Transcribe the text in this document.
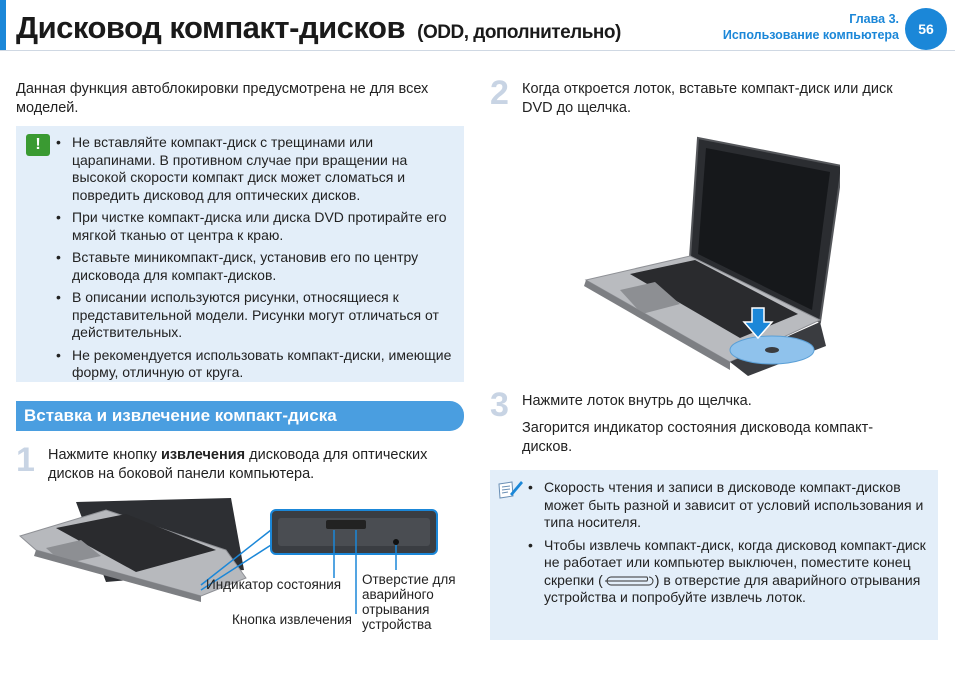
Дисковод компакт-дисков (ODD, дополнительно)
Глава 3.
Использование компьютера	56
Данная функция автоблокировки предусмотрена не для всех
моделей.
!
•	Не вставляйте компакт-диск с трещинами или царапинами. В противном случае при вращении на высокой скорости компакт диск может сломаться и повредить дисковод для оптических дисков.
• При чистке компакт-диска или диска DVD протирайте его мягкой тканью от центра к краю.
• Вставьте миникомпакт-диск, установив его по центру дисковода для компакт-дисков.
• В описании используются рисунки, относящиеся к представительной модели. Рисунки могут отличаться от действительных.
• Не рекомендуется использовать компакт-диски, имеющие форму, отличную от круга.
Вставка и извлечение компакт-диска
1 Нажмите кнопку извлечения дисковода для оптических
дисков на боковой панели компьютера.
Индикатор состояния
Кнопка извлечения
Отверстие для
аварийного
отрывания
устройства
2 Когда откроется лоток, вставьте компакт-диск или диск
DVD до щелчка.
3 Нажмите лоток внутрь до щелчка.
Загорится индикатор состояния дисковода компакт-
дисков.
• Скорость чтения и записи в дисководе компакт-дисков может быть разной и зависит от условий использования и типа носителя.
• Чтобы извлечь компакт-диск, когда дисковод компакт-диск не работает или компьютер выключен, поместите конец скрепки (	) в отверстие для аварийного отрывания устройства и попробуйте извлечь лоток.
